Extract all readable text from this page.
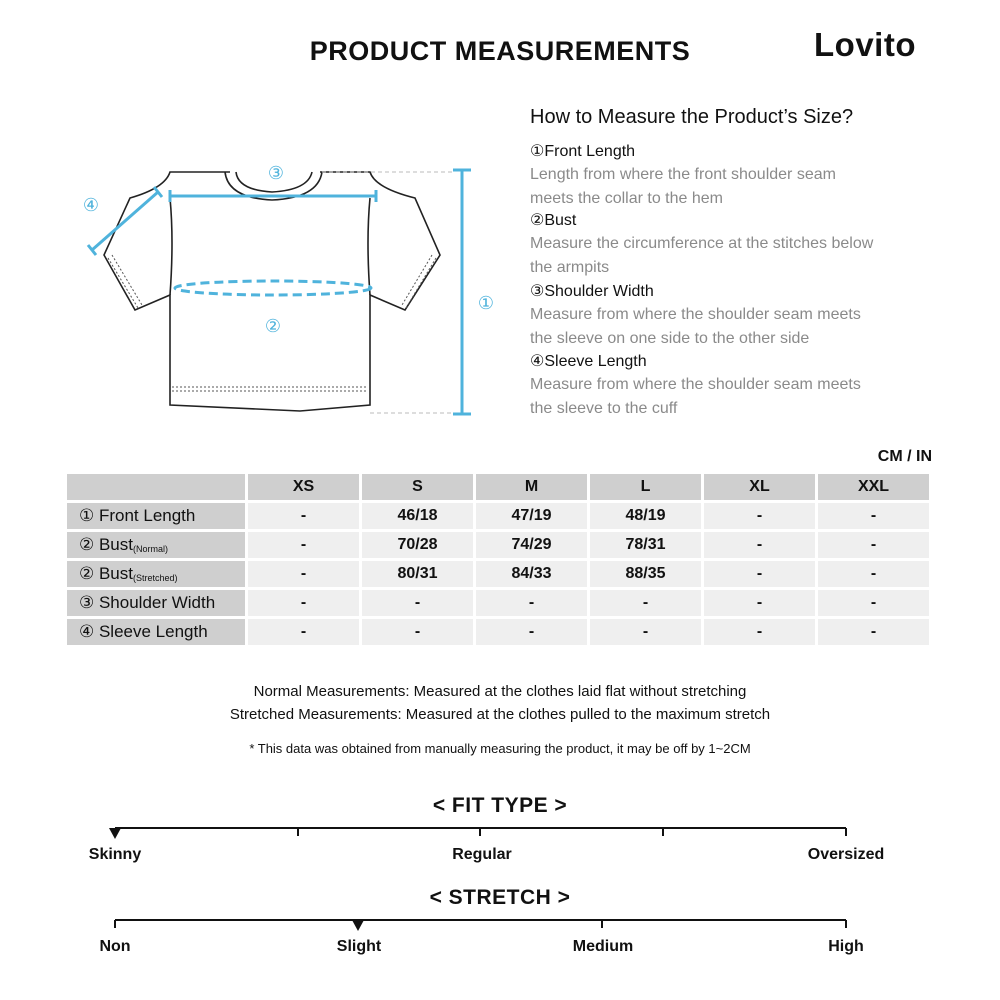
PRODUCT MEASUREMENTS	Lovito
①
②
③
④
How to Measure the Product’s Size?
①Front Length
Length from where the front shoulder seam
meets the collar to the hem
②Bust
Measure the circumference at the stitches below
the armpits
③Shoulder Width
Measure from where the shoulder seam meets
the sleeve on one side to the other side
④Sleeve Length
Measure from where the shoulder seam meets
the sleeve to the cuff
CM / IN
	XS	S	M	L	XL	XXL
① Front Length	-	46/18	47/19	48/19	-	-
② Bust$_{(Normal)}$	-	70/28	74/29	78/31	-	-
② Bust$_{(Stretched)}$	-	80/31	84/33	88/35	-	-
③ Shoulder Width	-	-	-	-	-	-
④ Sleeve Length	-	-	-	-	-	-
Normal Measurements: Measured at the clothes laid flat without stretching
Stretched Measurements: Measured at the clothes pulled to the maximum stretch
* This data was obtained from manually measuring the product, it may be off by 1~2CM
< FIT TYPE >
Skinny	Regular	Oversized
< STRETCH >
Non	Slight	Medium	High
